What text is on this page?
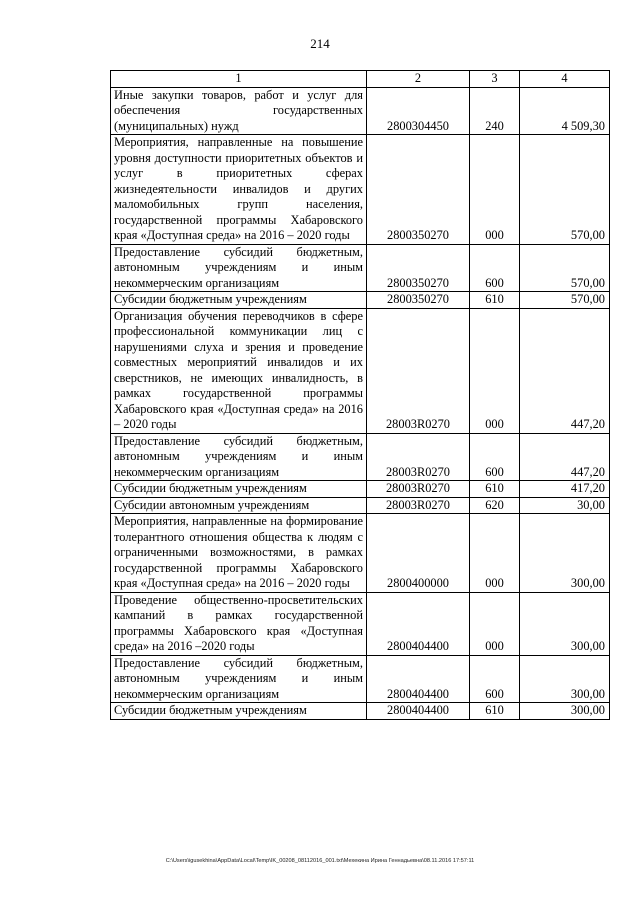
214
1	2	3	4
Иные закупки товаров, работ и услуг для обеспечения государственных (муниципальных) нужд	2800304450	240	4 509,30
Мероприятия, направленные на повышение уровня доступности приоритетных объектов и услуг в приоритетных сферах жизнедеятельности инвалидов и других маломобильных групп населения, государственной программы Хабаровского края «Доступная среда» на 2016 – 2020 годы	2800350270	000	570,00
Предоставление субсидий бюджетным, автономным учреждениям и иным некоммерческим организациям	2800350270	600	570,00
Субсидии бюджетным учреждениям	2800350270	610	570,00
Организация обучения переводчиков в сфере профессиональной коммуникации лиц с нарушениями слуха и зрения и проведение совместных мероприятий инвалидов и их сверстников, не имеющих инвалидность, в рамках государственной программы Хабаровского края «Доступная среда» на 2016 – 2020 годы	28003R0270	000	447,20
Предоставление субсидий бюджетным, автономным учреждениям и иным некоммерческим организациям	28003R0270	600	447,20
Субсидии бюджетным учреждениям	28003R0270	610	417,20
Субсидии автономным учреждениям	28003R0270	620	30,00
Мероприятия, направленные на формирование толерантного отношения общества к людям с ограниченными возможностями, в рамках государственной программы Хабаровского края «Доступная среда» на 2016 – 2020 годы	2800400000	000	300,00
Проведение общественно-просветительских кампаний в рамках государственной программы Хабаровского края «Доступная среда» на 2016 –2020 годы	2800404400	000	300,00
Предоставление субсидий бюджетным, автономным учреждениям и иным некоммерческим организациям	2800404400	600	300,00
Субсидии бюджетным учреждениям	2800404400	610	300,00
C:\Users\igusekhina\AppData\Local\Temp\IK_00208_08112016_001.txt\Мехекина Ирина Геннадьевна\08.11.2016 17:57:11
